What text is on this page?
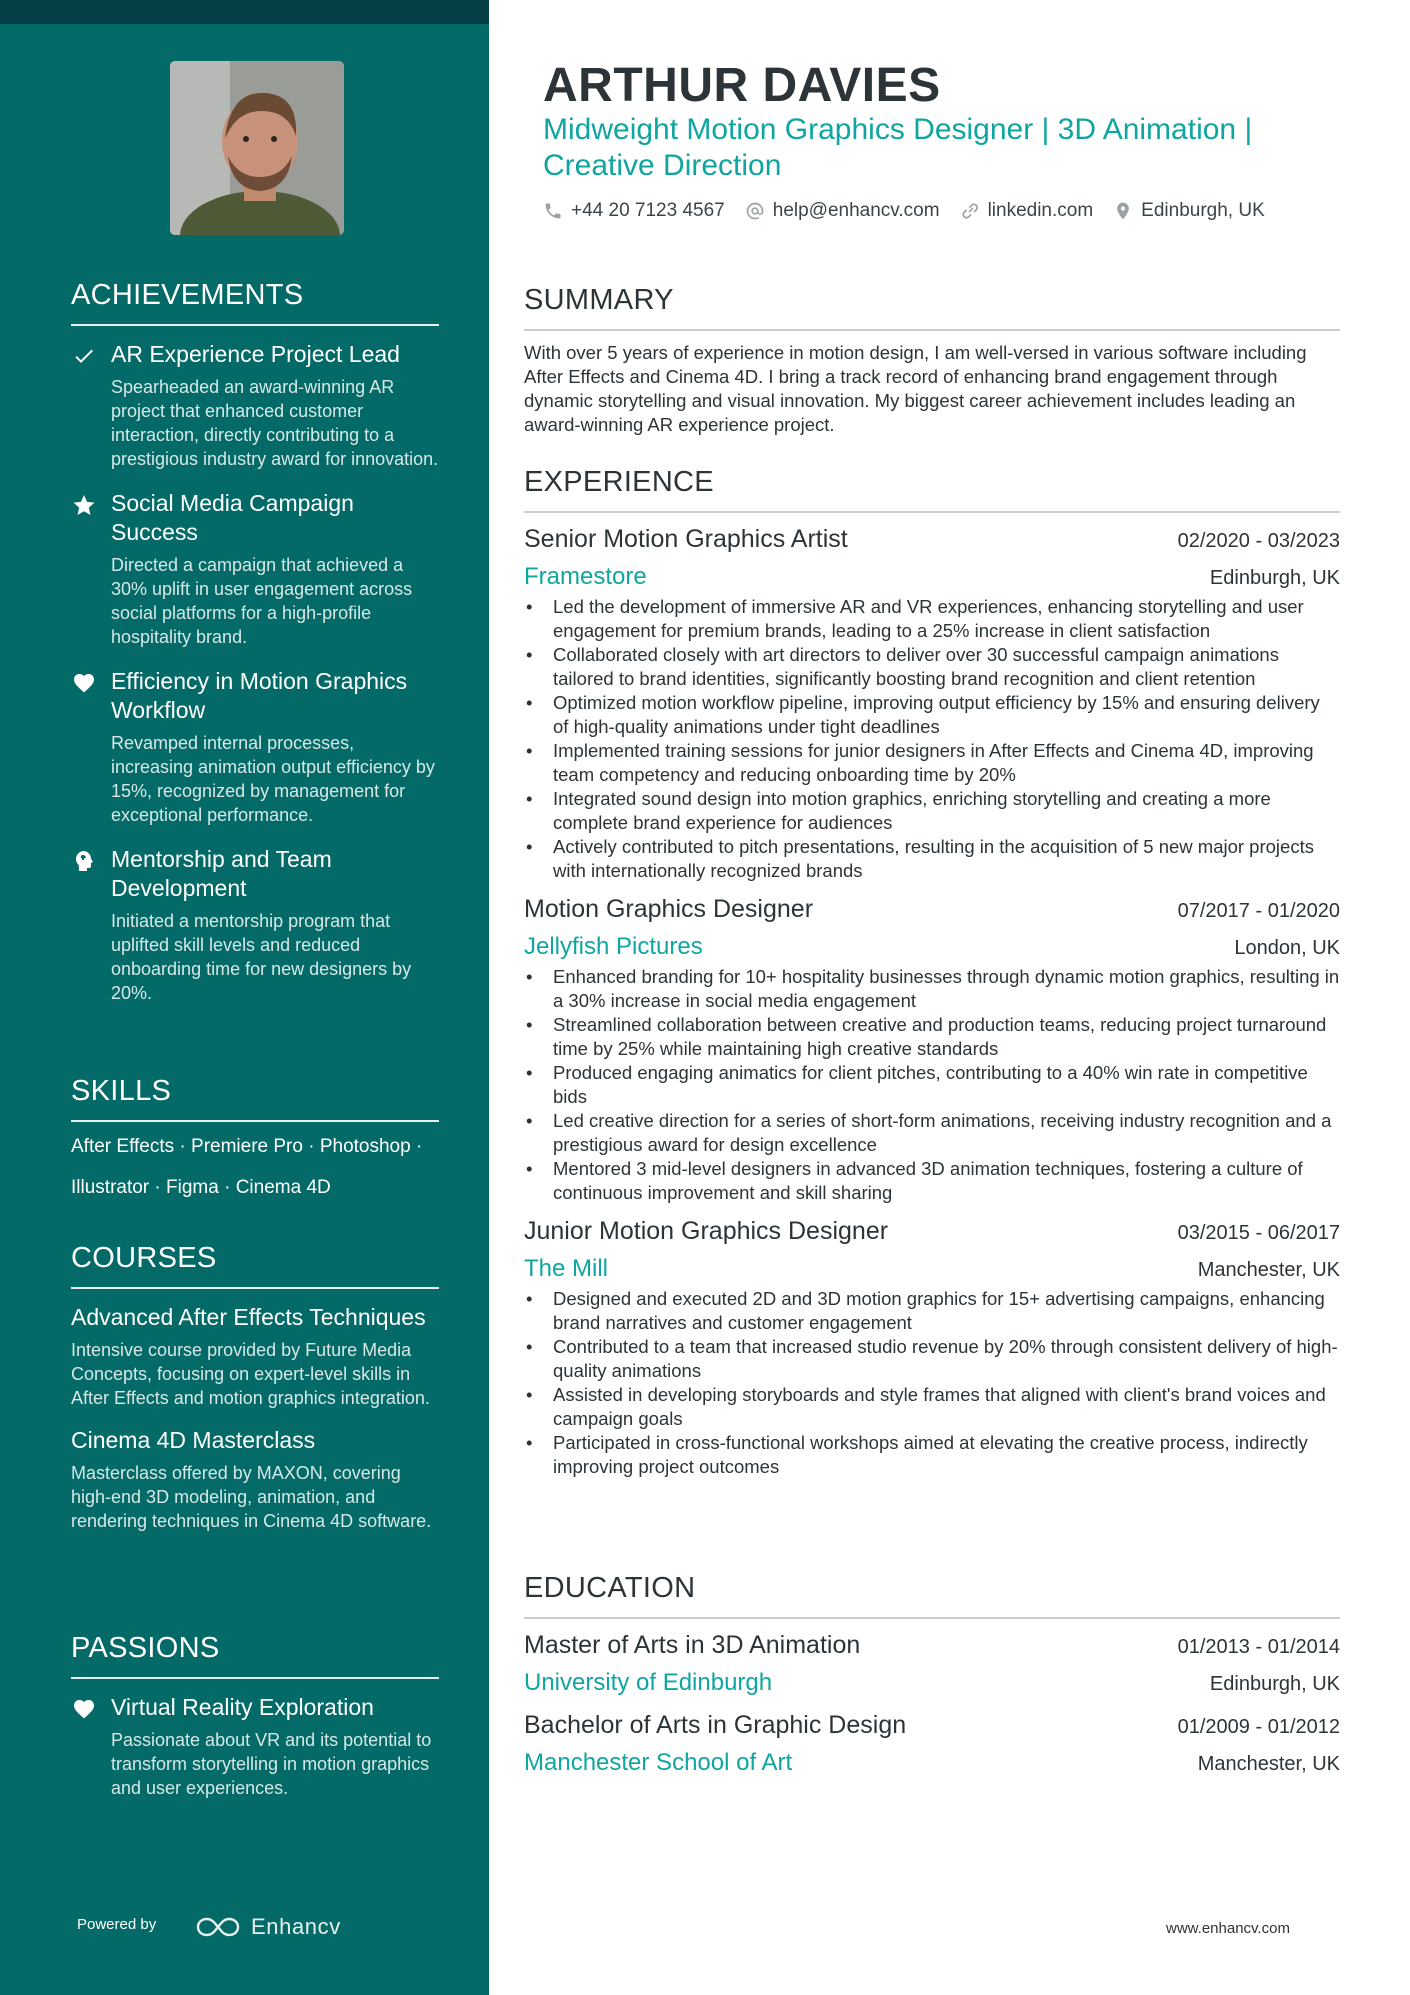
ACHIEVEMENTS
AR Experience Project Lead
Spearheaded an award-winning AR project that enhanced customer interaction, directly contributing to a prestigious industry award for innovation.
Social Media Campaign Success
Directed a campaign that achieved a 30% uplift in user engagement across social platforms for a high-profile hospitality brand.
Efficiency in Motion Graphics Workflow
Revamped internal processes, increasing animation output efficiency by 15%, recognized by management for exceptional performance.
Mentorship and Team Development
Initiated a mentorship program that uplifted skill levels and reduced onboarding time for new designers by 20%.
SKILLS
After Effects · Premiere Pro · Photoshop ·
Illustrator · Figma · Cinema 4D
COURSES
Advanced After Effects Techniques
Intensive course provided by Future Media Concepts, focusing on expert-level skills in After Effects and motion graphics integration.
Cinema 4D Masterclass
Masterclass offered by MAXON, covering high-end 3D modeling, animation, and rendering techniques in Cinema 4D software.
PASSIONS
Virtual Reality Exploration
Passionate about VR and its potential to transform storytelling in motion graphics and user experiences.
Powered by	Enhancv
ARTHUR DAVIES
Midweight Motion Graphics Designer | 3D Animation | Creative Direction
+44 20 7123 4567	help@enhancv.com	linkedin.com	Edinburgh, UK
SUMMARY
With over 5 years of experience in motion design, I am well-versed in various software including After Effects and Cinema 4D. I bring a track record of enhancing brand engagement through dynamic storytelling and visual innovation. My biggest career achievement includes leading an award-winning AR experience project.
EXPERIENCE
Senior Motion Graphics Artist	02/2020 - 03/2023
Framestore	Edinburgh, UK
• Led the development of immersive AR and VR experiences, enhancing storytelling and user engagement for premium brands, leading to a 25% increase in client satisfaction
• Collaborated closely with art directors to deliver over 30 successful campaign animations tailored to brand identities, significantly boosting brand recognition and client retention
• Optimized motion workflow pipeline, improving output efficiency by 15% and ensuring delivery of high-quality animations under tight deadlines
• Implemented training sessions for junior designers in After Effects and Cinema 4D, improving team competency and reducing onboarding time by 20%
• Integrated sound design into motion graphics, enriching storytelling and creating a more complete brand experience for audiences
• Actively contributed to pitch presentations, resulting in the acquisition of 5 new major projects with internationally recognized brands
Motion Graphics Designer	07/2017 - 01/2020
Jellyfish Pictures	London, UK
• Enhanced branding for 10+ hospitality businesses through dynamic motion graphics, resulting in a 30% increase in social media engagement
• Streamlined collaboration between creative and production teams, reducing project turnaround time by 25% while maintaining high creative standards
• Produced engaging animatics for client pitches, contributing to a 40% win rate in competitive bids
• Led creative direction for a series of short-form animations, receiving industry recognition and a prestigious award for design excellence
• Mentored 3 mid-level designers in advanced 3D animation techniques, fostering a culture of continuous improvement and skill sharing
Junior Motion Graphics Designer	03/2015 - 06/2017
The Mill	Manchester, UK
• Designed and executed 2D and 3D motion graphics for 15+ advertising campaigns, enhancing brand narratives and customer engagement
• Contributed to a team that increased studio revenue by 20% through consistent delivery of high-quality animations
• Assisted in developing storyboards and style frames that aligned with client's brand voices and campaign goals
• Participated in cross-functional workshops aimed at elevating the creative process, indirectly improving project outcomes
EDUCATION
Master of Arts in 3D Animation	01/2013 - 01/2014
University of Edinburgh	Edinburgh, UK
Bachelor of Arts in Graphic Design	01/2009 - 01/2012
Manchester School of Art	Manchester, UK
www.enhancv.com
